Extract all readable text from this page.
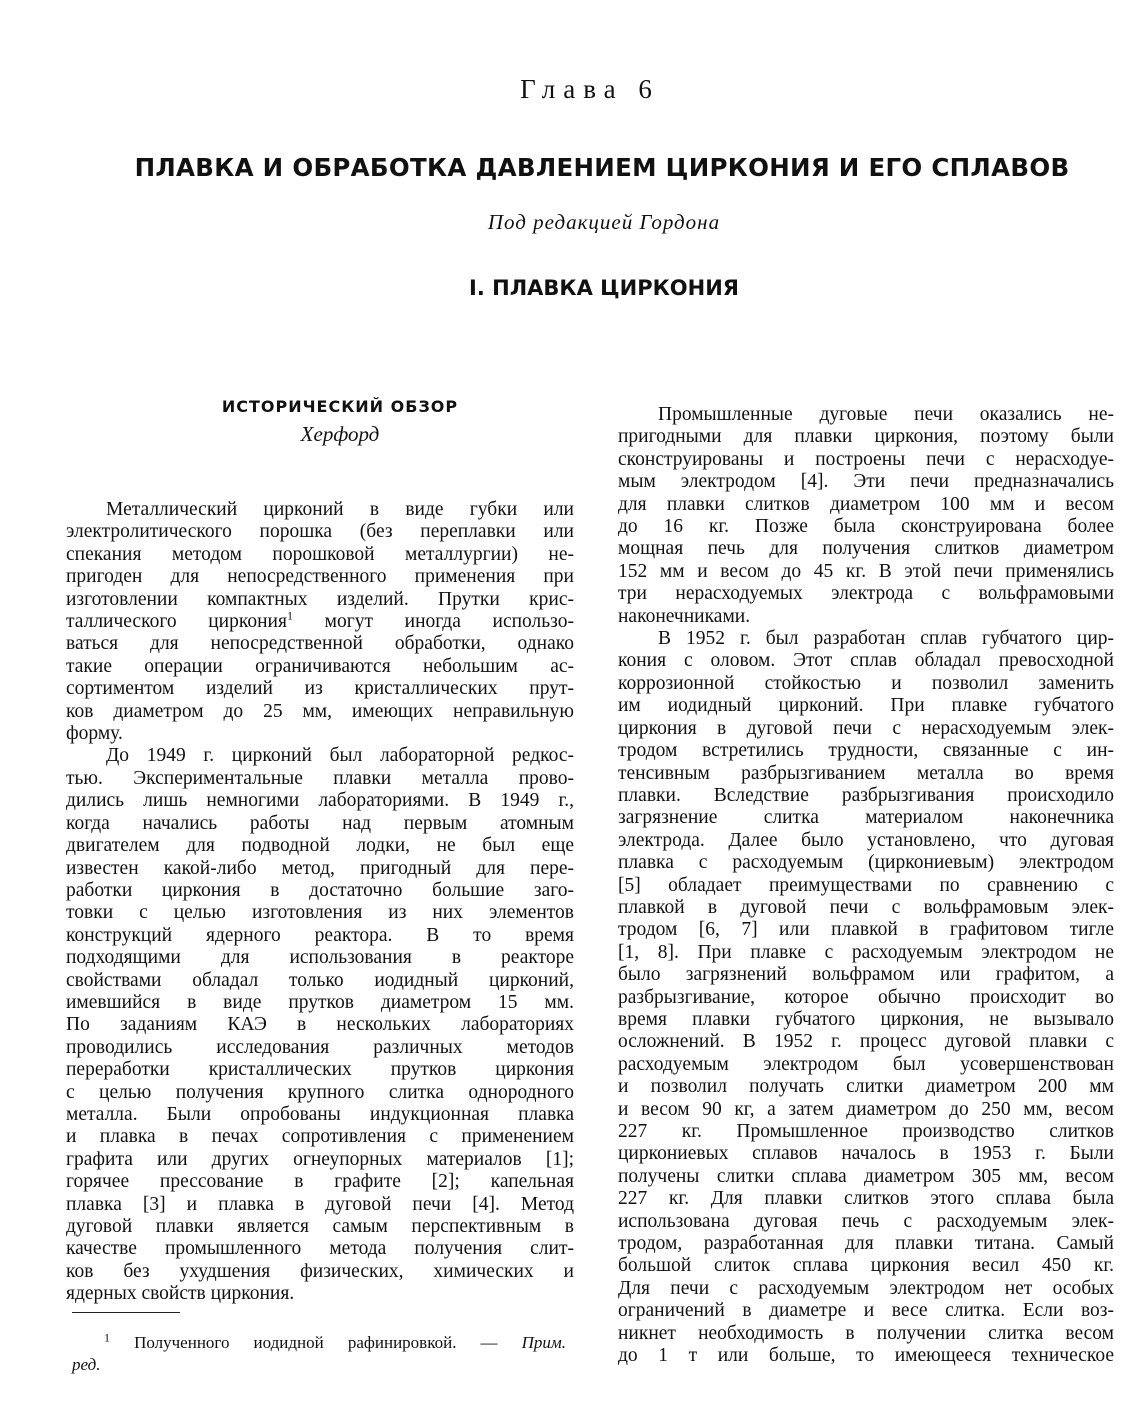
Глава 6
ПЛАВКА И ОБРАБОТКА ДАВЛЕНИЕМ ЦИРКОНИЯ И ЕГО СПЛАВОВ
Под редакцией Гордона
I. ПЛАВКА ЦИРКОНИЯ
ИСТОРИЧЕСКИЙ ОБЗОР
Херфорд
Металлический цирконий в виде губки или
электролитического порошка (без переплавки или
спекания методом порошковой металлургии) не-
пригоден для непосредственного применения при
изготовлении компактных изделий. Прутки крис-
таллического циркония$^1$ могут иногда использо-
ваться для непосредственной обработки, однако
такие операции ограничиваются небольшим ас-
сортиментом изделий из кристаллических прут-
ков диаметром до 25 мм, имеющих неправильную
форму.
До 1949 г. цирконий был лабораторной редкос-
тью. Экспериментальные плавки металла прово-
дились лишь немногими лабораториями. В 1949 г.,
когда начались работы над первым атомным
двигателем для подводной лодки, не был еще
известен какой-либо метод, пригодный для пере-
работки циркония в достаточно большие заго-
товки с целью изготовления из них элементов
конструкций ядерного реактора. В то время
подходящими для использования в реакторе
свойствами обладал только иодидный цирконий,
имевшийся в виде прутков диаметром 15 мм.
По заданиям КАЭ в нескольких лабораториях
проводились исследования различных методов
переработки кристаллических прутков циркония
с целью получения крупного слитка однородного
металла. Были опробованы индукционная плавка
и плавка в печах сопротивления с применением
графита или других огнеупорных материалов [1];
горячее прессование в графите [2]; капельная
плавка [3] и плавка в дуговой печи [4]. Метод
дуговой плавки является самым перспективным в
качестве промышленного метода получения слит-
ков без ухудшения физических, химических и
ядерных свойств циркония.
Промышленные дуговые печи оказались не-
пригодными для плавки циркония, поэтому были
сконструированы и построены печи с нерасходуе-
мым электродом [4]. Эти печи предназначались
для плавки слитков диаметром 100 мм и весом
до 16 кг. Позже была сконструирована более
мощная печь для получения слитков диаметром
152 мм и весом до 45 кг. В этой печи применялись
три нерасходуемых электрода с вольфрамовыми
наконечниками.
В 1952 г. был разработан сплав губчатого цир-
кония с оловом. Этот сплав обладал превосходной
коррозионной стойкостью и позволил заменить
им иодидный цирконий. При плавке губчатого
циркония в дуговой печи с нерасходуемым элек-
тродом встретились трудности, связанные с ин-
тенсивным разбрызгиванием металла во время
плавки. Вследствие разбрызгивания происходило
загрязнение слитка материалом наконечника
электрода. Далее было установлено, что дуговая
плавка с расходуемым (циркониевым) электродом
[5] обладает преимуществами по сравнению с
плавкой в дуговой печи с вольфрамовым элек-
тродом [6, 7] или плавкой в графитовом тигле
[1, 8]. При плавке с расходуемым электродом не
было загрязнений вольфрамом или графитом, а
разбрызгивание, которое обычно происходит во
время плавки губчатого циркония, не вызывало
осложнений. В 1952 г. процесс дуговой плавки с
расходуемым электродом был усовершенствован
и позволил получать слитки диаметром 200 мм
и весом 90 кг, а затем диаметром до 250 мм, весом
227 кг. Промышленное производство слитков
циркониевых сплавов началось в 1953 г. Были
получены слитки сплава диаметром 305 мм, весом
227 кг. Для плавки слитков этого сплава была
использована дуговая печь с расходуемым элек-
тродом, разработанная для плавки титана. Самый
большой слиток сплава циркония весил 450 кг.
Для печи с расходуемым электродом нет особых
ограничений в диаметре и весе слитка. Если воз-
никнет необходимость в получении слитка весом
до 1 т или больше, то имеющееся техническое
$^1$ Полученного иодидной рафинировкой. — Прим.
ред.
